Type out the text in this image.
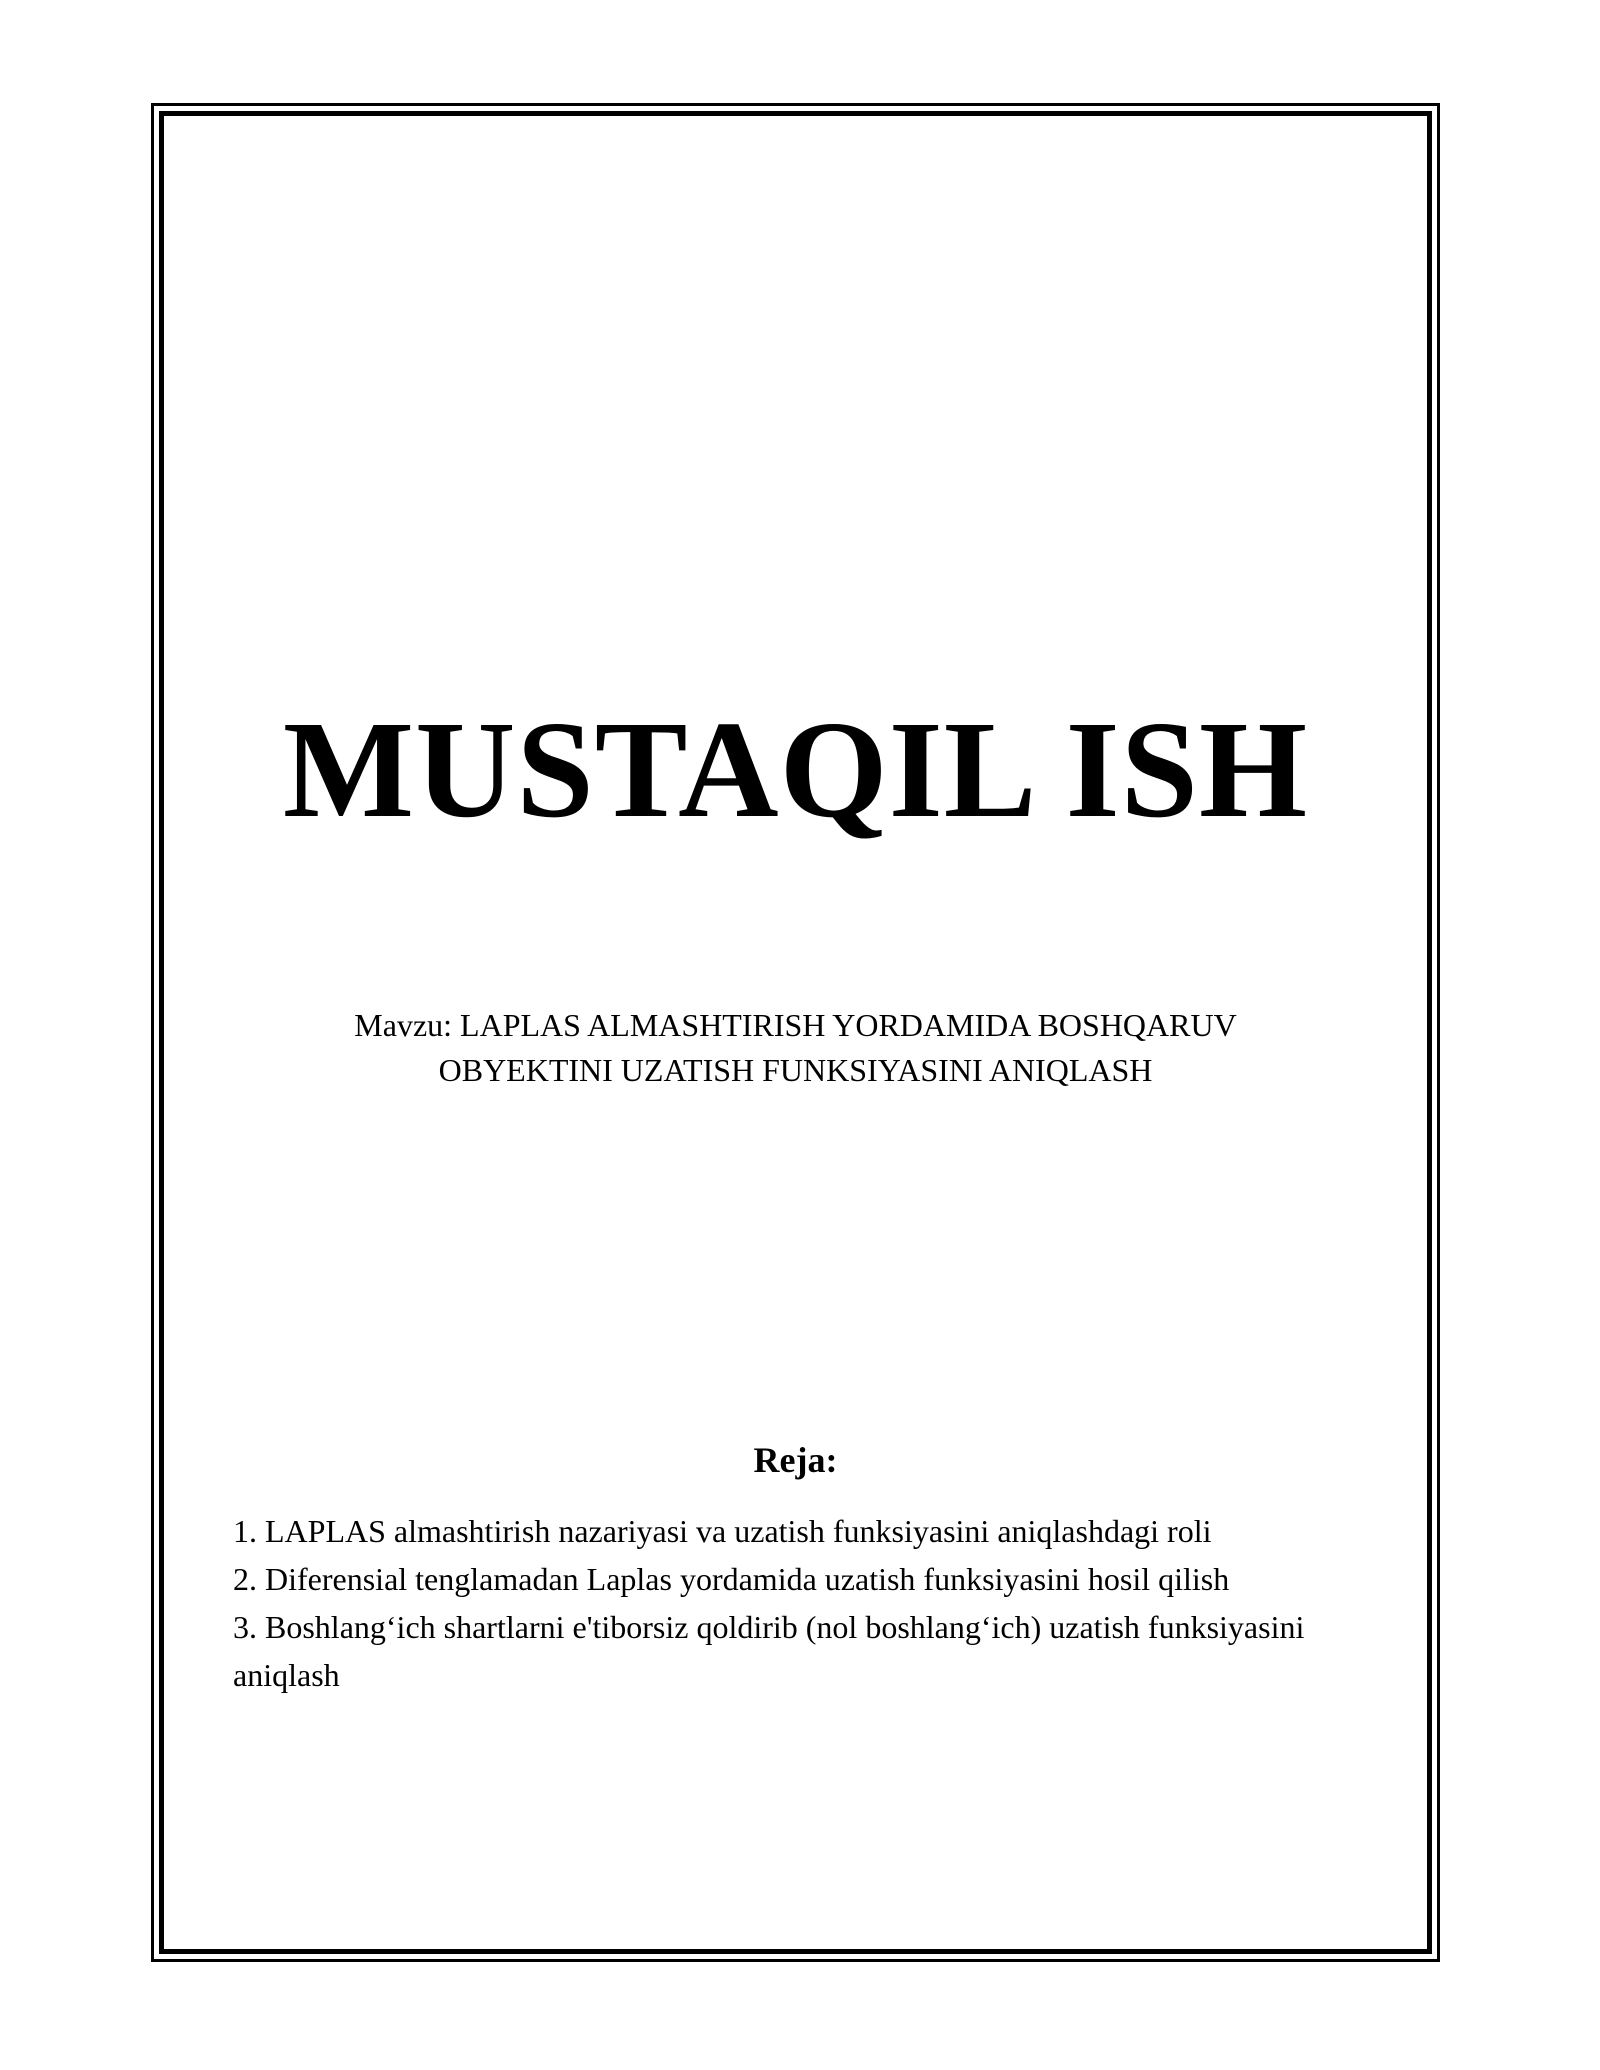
MUSTAQIL ISH
Mavzu: LAPLAS ALMASHTIRISH YORDAMIDA BOSHQARUV
OBYEKTINI UZATISH FUNKSIYASINI ANIQLASH
Reja:
1. LAPLAS almashtirish nazariyasi va uzatish funksiyasini aniqlashdagi roli
2. Diferensial tenglamadan Laplas yordamida uzatish funksiyasini hosil qilish
3. Boshlang‘ich shartlarni e'tiborsiz qoldirib (nol boshlang‘ich) uzatish funksiyasini aniqlash
